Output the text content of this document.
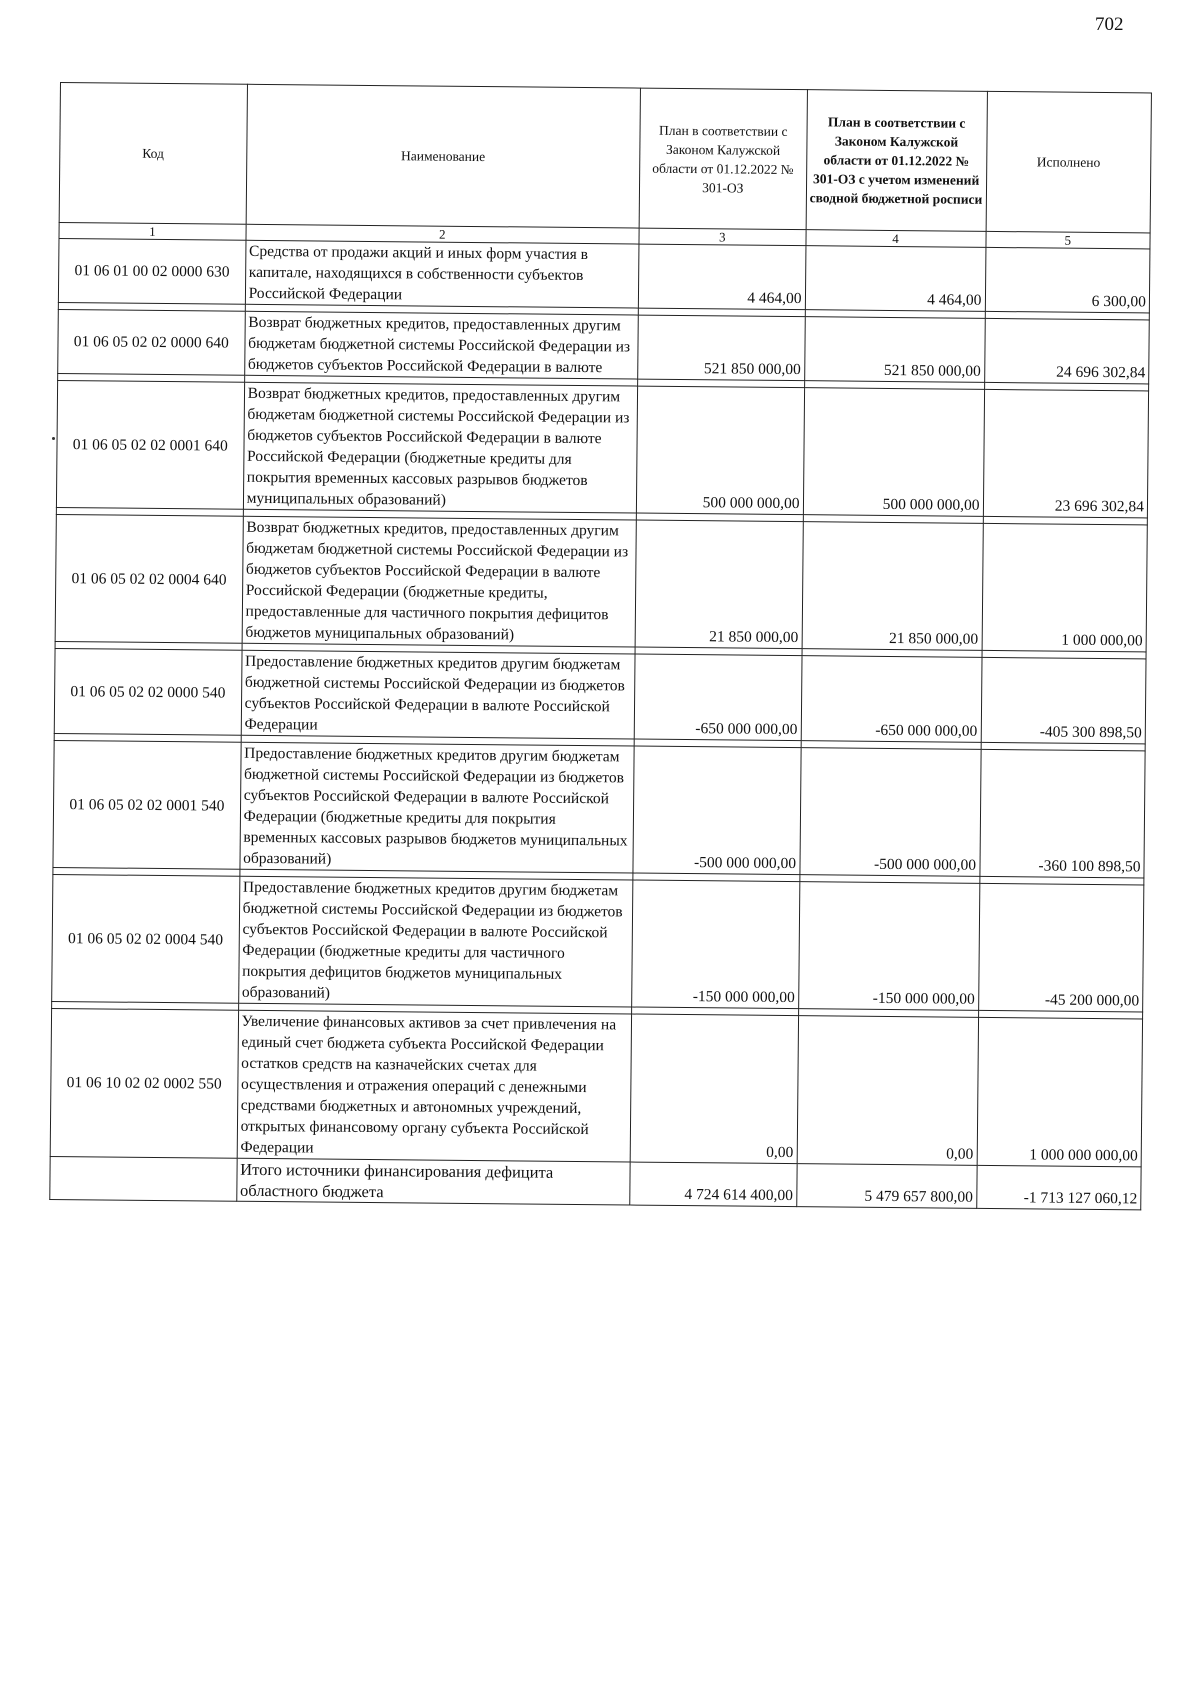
702
Код	Наименование	План в соответствии с Законом Калужской области от 01.12.2022 № 301-ОЗ	План в соответствии с Законом Калужской области от 01.12.2022 № 301-ОЗ с учетом изменений сводной бюджетной росписи	Исполнено
1	2	3	4	5
01 06 01 00 02 0000 630	Средства от продажи акций и иных форм участия в капитале, находящихся в собственности субъектов Российской Федерации	4 464,00	4 464,00	6 300,00

01 06 05 02 02 0000 640	Возврат бюджетных кредитов, предоставленных другим бюджетам бюджетной системы Российской Федерации из бюджетов субъектов Российской Федерации в валюте	521 850 000,00	521 850 000,00	24 696 302,84

01 06 05 02 02 0001 640	Возврат бюджетных кредитов, предоставленных другим бюджетам бюджетной системы Российской Федерации из бюджетов субъектов Российской Федерации в валюте Российской Федерации (бюджетные кредиты для покрытия временных кассовых разрывов бюджетов муниципальных образований)	500 000 000,00	500 000 000,00	23 696 302,84

01 06 05 02 02 0004 640	Возврат бюджетных кредитов, предоставленных другим бюджетам бюджетной системы Российской Федерации из бюджетов субъектов Российской Федерации в валюте Российской Федерации (бюджетные кредиты, предоставленные для частичного покрытия дефицитов бюджетов муниципальных образований)	21 850 000,00	21 850 000,00	1 000 000,00

01 06 05 02 02 0000 540	Предоставление бюджетных кредитов другим бюджетам бюджетной системы Российской Федерации из бюджетов субъектов Российской Федерации в валюте Российской Федерации	-650 000 000,00	-650 000 000,00	-405 300 898,50

01 06 05 02 02 0001 540	Предоставление бюджетных кредитов другим бюджетам бюджетной системы Российской Федерации из бюджетов субъектов Российской Федерации в валюте Российской Федерации (бюджетные кредиты для покрытия временных кассовых разрывов бюджетов муниципальных образований)	-500 000 000,00	-500 000 000,00	-360 100 898,50

01 06 05 02 02 0004 540	Предоставление бюджетных кредитов другим бюджетам бюджетной системы Российской Федерации из бюджетов субъектов Российской Федерации в валюте Российской Федерации (бюджетные кредиты для частичного покрытия дефицитов бюджетов муниципальных образований)	-150 000 000,00	-150 000 000,00	-45 200 000,00

01 06 10 02 02 0002 550	Увеличение финансовых активов за счет привлечения на единый счет бюджета субъекта Российской Федерации остатков средств на казначейских счетах для осуществления и отражения операций с денежными средствами бюджетных и автономных учреждений, открытых финансовому органу субъекта Российской Федерации	0,00	0,00	1 000 000 000,00
	Итого источники финансирования дефицита областного бюджета	4 724 614 400,00	5 479 657 800,00	-1 713 127 060,12
